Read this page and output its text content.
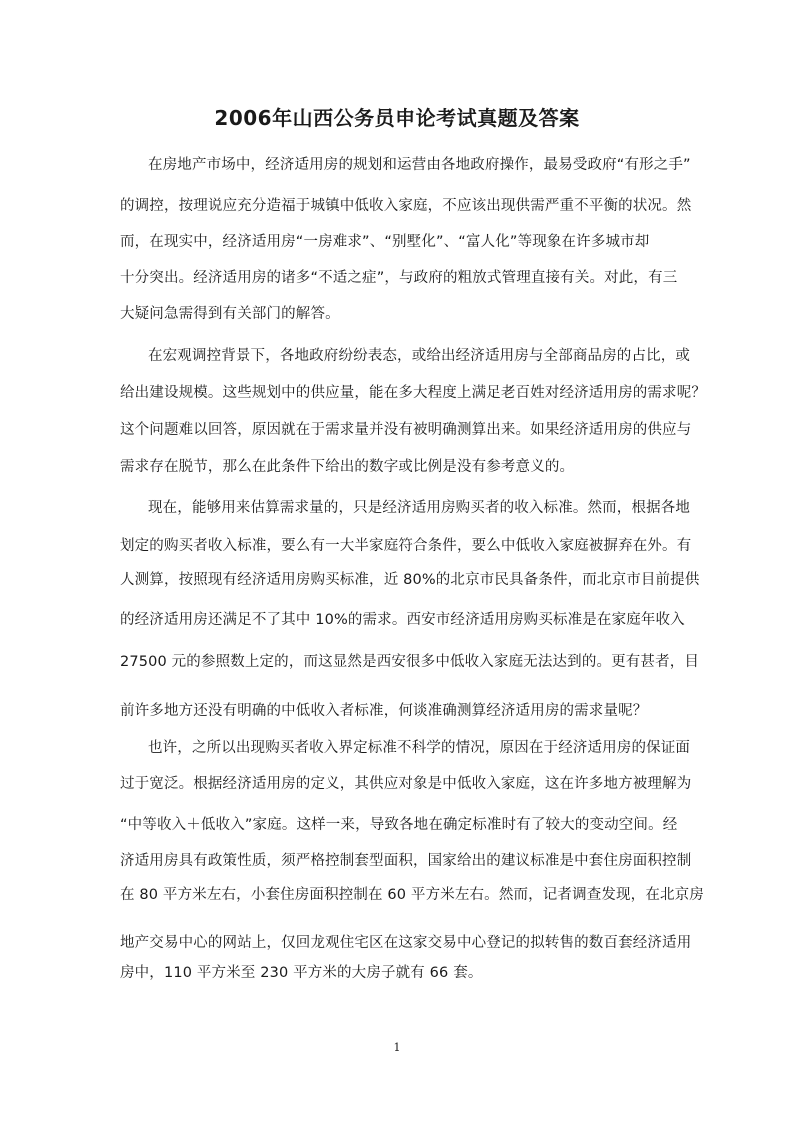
2006年山西公务员申论考试真题及答案
在房地产市场中，经济适用房的规划和运营由各地政府操作，最易受政府“有形之手”
的调控，按理说应充分造福于城镇中低收入家庭，不应该出现供需严重不平衡的状况。然
而，在现实中，经济适用房“一房难求”、“别墅化”、“富人化”等现象在许多城市却
十分突出。经济适用房的诸多“不适之症”，与政府的粗放式管理直接有关。对此，有三
大疑问急需得到有关部门的解答。
在宏观调控背景下，各地政府纷纷表态，或给出经济适用房与全部商品房的占比，或
给出建设规模。这些规划中的供应量，能在多大程度上满足老百姓对经济适用房的需求呢？
这个问题难以回答，原因就在于需求量并没有被明确测算出来。如果经济适用房的供应与
需求存在脱节，那么在此条件下给出的数字或比例是没有参考意义的。
现在，能够用来估算需求量的，只是经济适用房购买者的收入标准。然而，根据各地
划定的购买者收入标准，要么有一大半家庭符合条件，要么中低收入家庭被摒弃在外。有
人测算，按照现有经济适用房购买标准，近 80%的北京市民具备条件，而北京市目前提供
的经济适用房还满足不了其中 10%的需求。西安市经济适用房购买标准是在家庭年收入
27500 元的参照数上定的，而这显然是西安很多中低收入家庭无法达到的。更有甚者，目
前许多地方还没有明确的中低收入者标准，何谈准确测算经济适用房的需求量呢？
也许，之所以出现购买者收入界定标准不科学的情况，原因在于经济适用房的保证面
过于宽泛。根据经济适用房的定义，其供应对象是中低收入家庭，这在许多地方被理解为
“中等收入＋低收入”家庭。这样一来，导致各地在确定标准时有了较大的变动空间。经
济适用房具有政策性质，须严格控制套型面积，国家给出的建议标准是中套住房面积控制
在 80 平方米左右，小套住房面积控制在 60 平方米左右。然而，记者调查发现，在北京房
地产交易中心的网站上，仅回龙观住宅区在这家交易中心登记的拟转售的数百套经济适用
房中，110 平方米至 230 平方米的大房子就有 66 套。
1
